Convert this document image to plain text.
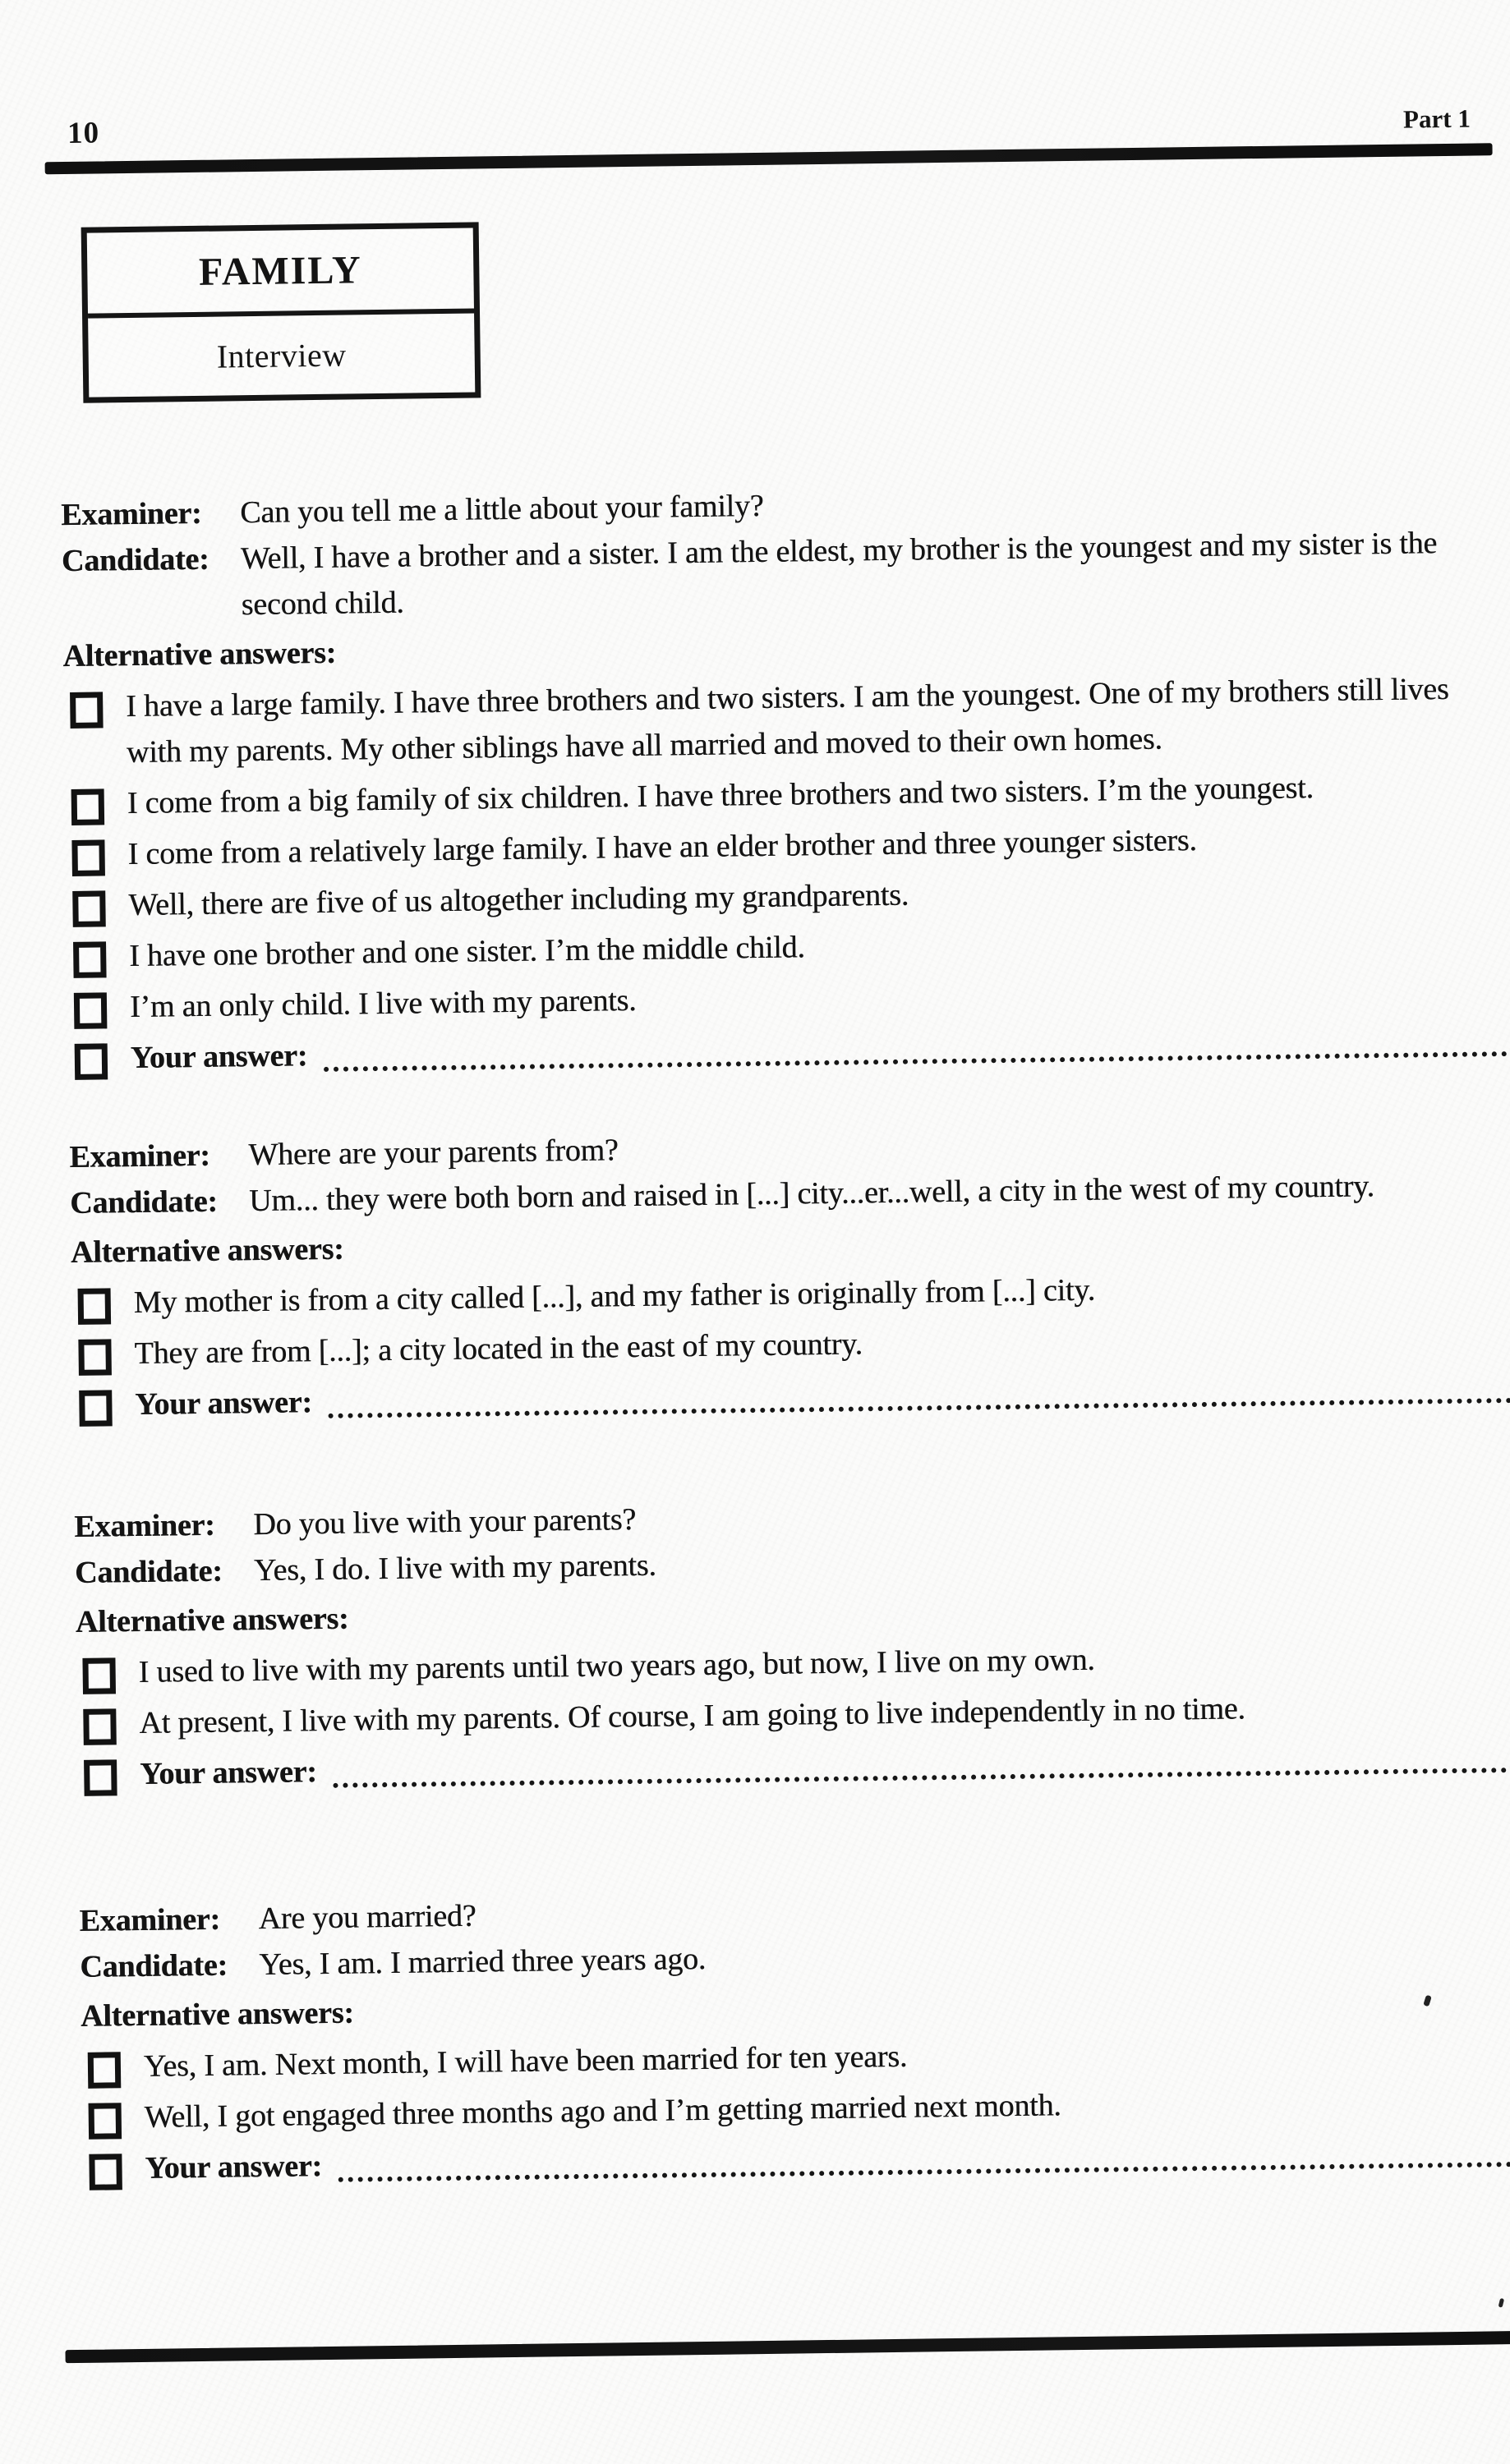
10	Part 1
FAMILY
Interview

Examiner: Can you tell me a little about your family?

Candidate: Well, I have a brother and a sister. I am the eldest, my brother is the youngest and my sister is the second child.

Alternative answers:

I have a large family. I have three brothers and two sisters. I am the youngest. One of my brothers still lives with my parents. My other siblings have all married and moved to their own homes.
I come from a big family of six children. I have three brothers and two sisters. I’m the youngest.
I come from a relatively large family. I have an elder brother and three younger sisters.
Well, there are five of us altogether including my grandparents.
I have one brother and one sister. I’m the middle child.
I’m an only child. I live with my parents.
Your answer:

Examiner: Where are your parents from?

Candidate: Um... they were both born and raised in [...] city...er...well, a city in the west of my country.

Alternative answers:

My mother is from a city called [...], and my father is originally from [...] city.
They are from [...]; a city located in the east of my country.
Your answer:

Examiner: Do you live with your parents?

Candidate: Yes, I do. I live with my parents.

Alternative answers:

I used to live with my parents until two years ago, but now, I live on my own.
At present, I live with my parents. Of course, I am going to live independently in no time.
Your answer:

Examiner: Are you married?

Candidate: Yes, I am. I married three years ago.

Alternative answers:

Yes, I am. Next month, I will have been married for ten years.
Well, I got engaged three months ago and I’m getting married next month.
Your answer:
